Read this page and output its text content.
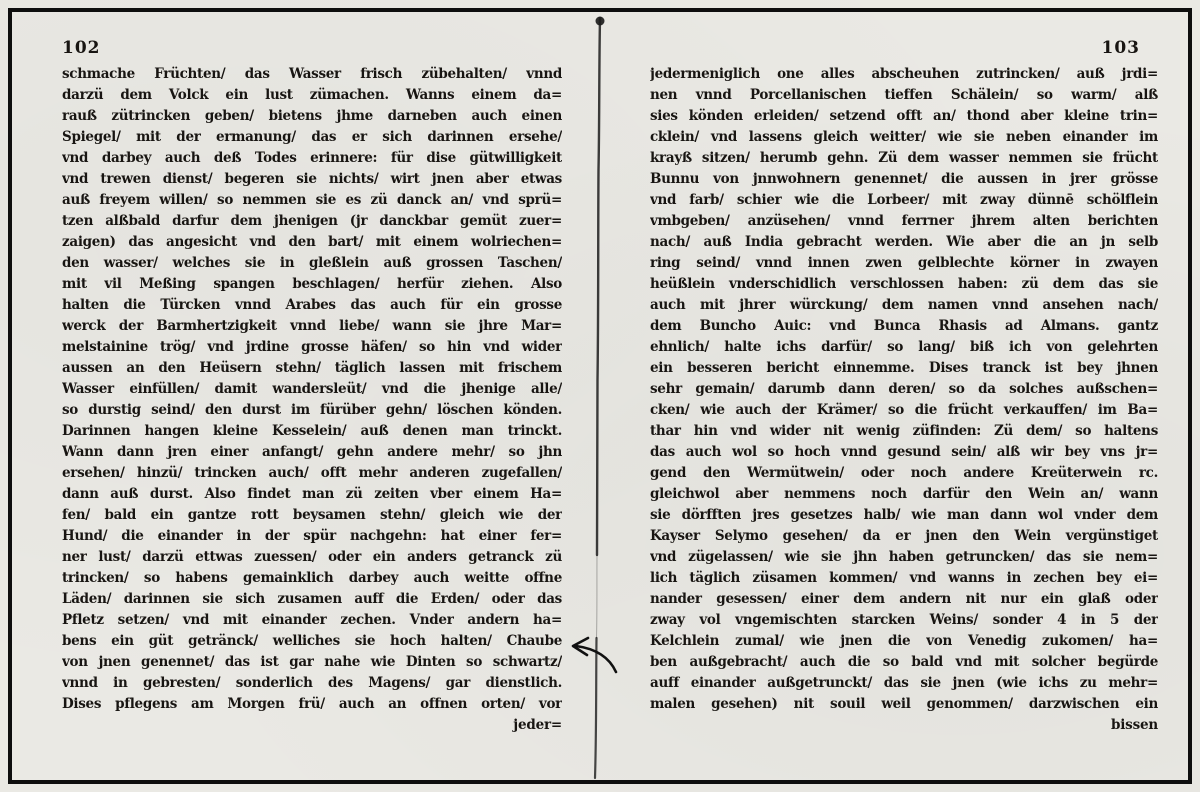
102
schmache Früchten/ das Wasser frisch zübehalten/ vnnd
darzü dem Volck ein lust zümachen. Wanns einem da=
rauß zütrincken geben/ bietens jhme darneben auch einen
Spiegel/ mit der ermanung/ das er sich darinnen ersehe/
vnd darbey auch deß Todes erinnere: für dise gütwilligkeit
vnd trewen dienst/ begeren sie nichts/ wirt jnen aber etwas
auß freyem willen/ so nemmen sie es zü danck an/ vnd sprü=
tzen alßbald darfur dem jhenigen (jr danckbar gemüt zuer=
zaigen) das angesicht vnd den bart/ mit einem wolriechen=
den wasser/ welches sie in gleßlein auß grossen Taschen/
mit vil Meßing spangen beschlagen/ herfür ziehen. Also
halten die Türcken vnnd Arabes das auch für ein grosse
werck der Barmhertzigkeit vnnd liebe/ wann sie jhre Mar=
melstainine trög/ vnd jrdine grosse häfen/ so hin vnd wider
aussen an den Heüsern stehn/ täglich lassen mit frischem
Wasser einfüllen/ damit wandersleüt/ vnd die jhenige alle/
so durstig seind/ den durst im fürüber gehn/ löschen könden.
Darinnen hangen kleine Kesselein/ auß denen man trinckt.
Wann dann jren einer anfangt/ gehn andere mehr/ so jhn
ersehen/ hinzü/ trincken auch/ offt mehr anderen zugefallen/
dann auß durst. Also findet man zü zeiten vber einem Ha=
fen/ bald ein gantze rott beysamen stehn/ gleich wie der
Hund/ die einander in der spür nachgehn: hat einer fer=
ner lust/ darzü ettwas zuessen/ oder ein anders getranck zü
trincken/ so habens gemainklich darbey auch weitte offne
Läden/ darinnen sie sich zusamen auff die Erden/ oder das
Pfletz setzen/ vnd mit einander zechen. Vnder andern ha=
bens ein güt getränck/ welliches sie hoch halten/ Chaube
von jnen genennet/ das ist gar nahe wie Dinten so schwartz/
vnnd in gebresten/ sonderlich des Magens/ gar dienstlich.
Dises pflegens am Morgen frü/ auch an offnen orten/ vor
jeder=
103
jedermeniglich one alles abscheuhen zutrincken/ auß jrdi=
nen vnnd Porcellanischen tieffen Schälein/ so warm/ alß
sies könden erleiden/ setzend offt an/ thond aber kleine trin=
cklein/ vnd lassens gleich weitter/ wie sie neben einander im
krayß sitzen/ herumb gehn. Zü dem wasser nemmen sie frücht
Bunnu von jnnwohnern genennet/ die aussen in jrer grösse
vnd farb/ schier wie die Lorbeer/ mit zway dünnē schölflein
vmbgeben/ anzüsehen/ vnnd ferrner jhrem alten berichten
nach/ auß India gebracht werden. Wie aber die an jn selb
ring seind/ vnnd innen zwen gelblechte körner in zwayen
heüßlein vnderschidlich verschlossen haben: zü dem das sie
auch mit jhrer würckung/ dem namen vnnd ansehen nach/
dem Buncho Auic: vnd Bunca Rhasis ad Almans. gantz
ehnlich/ halte ichs darfür/ so lang/ biß ich von gelehrten
ein besseren bericht einnemme. Dises tranck ist bey jhnen
sehr gemain/ darumb dann deren/ so da solches außschen=
cken/ wie auch der Krämer/ so die frücht verkauffen/ im Ba=
thar hin vnd wider nit wenig züfinden: Zü dem/ so haltens
das auch wol so hoch vnnd gesund sein/ alß wir bey vns jr=
gend den Wermütwein/ oder noch andere Kreüterwein rc.
gleichwol aber nemmens noch darfür den Wein an/ wann
sie dörfften jres gesetzes halb/ wie man dann wol vnder dem
Kayser Selymo gesehen/ da er jnen den Wein vergünstiget
vnd zügelassen/ wie sie jhn haben getruncken/ das sie nem=
lich täglich züsamen kommen/ vnd wanns in zechen bey ei=
nander gesessen/ einer dem andern nit nur ein glaß oder
zway vol vngemischten starcken Weins/ sonder 4 in 5 der
Kelchlein zumal/ wie jnen die von Venedig zukomen/ ha=
ben außgebracht/ auch die so bald vnd mit solcher begürde
auff einander außgetrunckt/ das sie jnen (wie ichs zu mehr=
malen gesehen) nit souil weil genommen/ darzwischen ein
bissen
